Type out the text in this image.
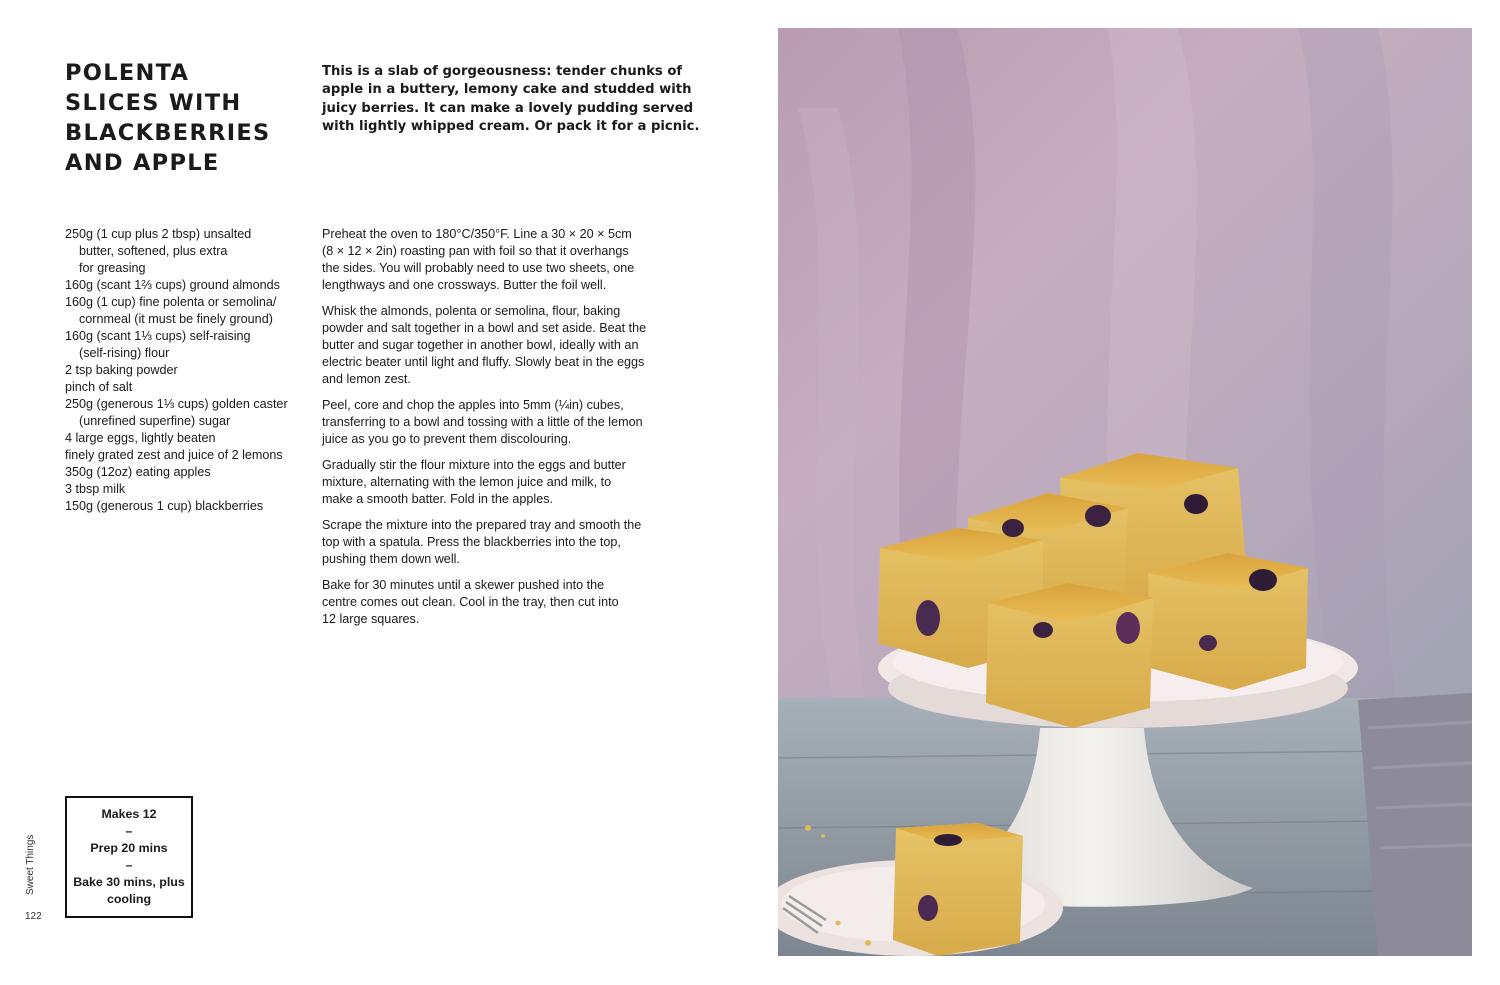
POLENTA
SLICES WITH
BLACKBERRIES
AND APPLE

This is a slab of gorgeousness: tender chunks of
apple in a buttery, lemony cake and studded with
juicy berries. It can make a lovely pudding served
with lightly whipped cream. Or pack it for a picnic.

250g (1 cup plus 2 tbsp) unsalted
butter, softened, plus extra
for greasing
160g (scant 1⅔ cups) ground almonds
160g (1 cup) fine polenta or semolina/
cornmeal (it must be finely ground)
160g (scant 1⅓ cups) self-raising
(self-rising) flour
2 tsp baking powder
pinch of salt
250g (generous 1⅓ cups) golden caster
(unrefined superfine) sugar
4 large eggs, lightly beaten
finely grated zest and juice of 2 lemons
350g (12oz) eating apples
3 tbsp milk
150g (generous 1 cup) blackberries

Preheat the oven to 180°C/350°F. Line a 30 × 20 × 5cm
(8 × 12 × 2in) roasting pan with foil so that it overhangs
the sides. You will probably need to use two sheets, one
lengthways and one crossways. Butter the foil well.

Whisk the almonds, polenta or semolina, flour, baking
powder and salt together in a bowl and set aside. Beat the
butter and sugar together in another bowl, ideally with an
electric beater until light and fluffy. Slowly beat in the eggs
and lemon zest.

Peel, core and chop the apples into 5mm (¼in) cubes,
transferring to a bowl and tossing with a little of the lemon
juice as you go to prevent them discolouring.

Gradually stir the flour mixture into the eggs and butter
mixture, alternating with the lemon juice and milk, to
make a smooth batter. Fold in the apples.

Scrape the mixture into the prepared tray and smooth the
top with a spatula. Press the blackberries into the top,
pushing them down well.

Bake for 30 minutes until a skewer pushed into the
centre comes out clean. Cool in the tray, then cut into
12 large squares.

Makes 12
–
Prep 20 mins
–
Bake 30 mins, plus
cooling
Sweet Things
122
